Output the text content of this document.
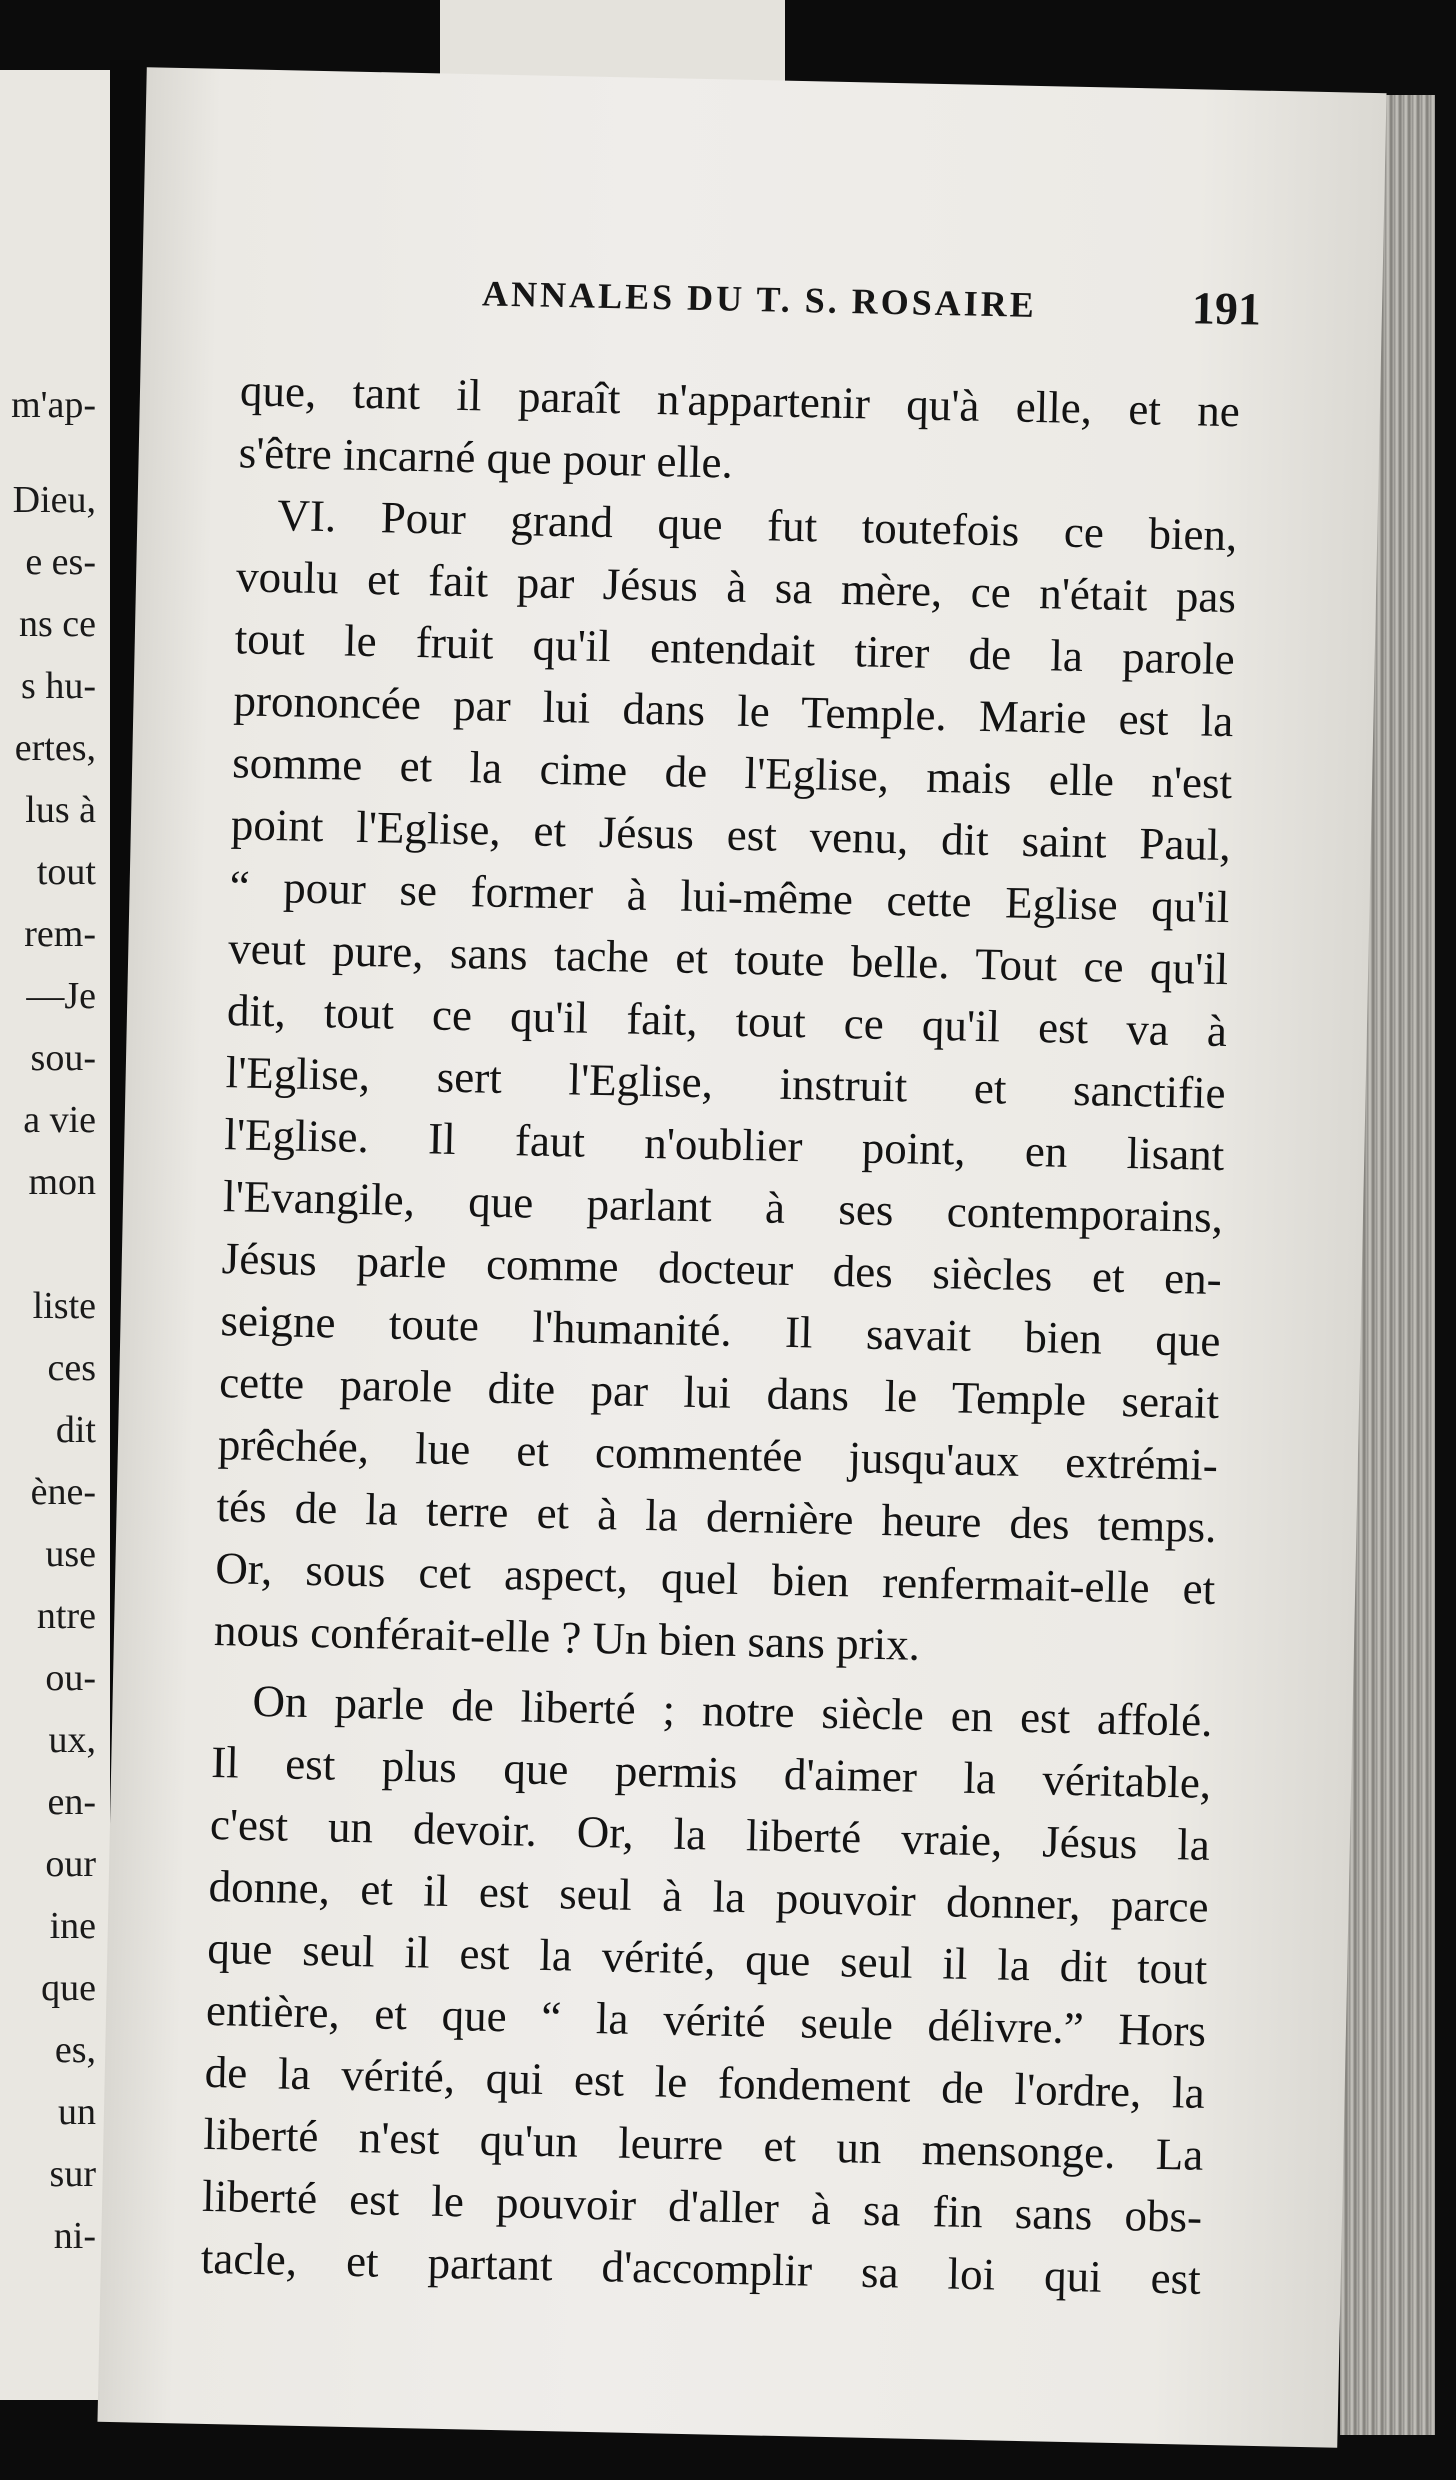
m'ap-
Dieu,
e es-
ns ce
s hu-
ertes,
lus à
tout
rem-
—Je
sou-
a vie
mon
liste
ces
dit
ène-
use
ntre
ou-
ux,
en-
our
ine
que
es,
un
sur
ni-
ANNALES DU T. S. ROSAIRE	191
que, tant il paraît n'appartenir qu'à elle, et ne
s'être incarné que pour elle.
VI. Pour grand que fut toutefois ce bien,
voulu et fait par Jésus à sa mère, ce n'était pas
tout le fruit qu'il entendait tirer de la parole
prononcée par lui dans le Temple. Marie est la
somme et la cime de l'Eglise, mais elle n'est
point l'Eglise, et Jésus est venu, dit saint Paul,
“ pour se former à lui-même cette Eglise qu'il
veut pure, sans tache et toute belle. Tout ce qu'il
dit, tout ce qu'il fait, tout ce qu'il est va à
l'Eglise, sert l'Eglise, instruit et sanctifie
l'Eglise. Il faut n'oublier point, en lisant
l'Evangile, que parlant à ses contemporains,
Jésus parle comme docteur des siècles et en-
seigne toute l'humanité. Il savait bien que
cette parole dite par lui dans le Temple serait
prêchée, lue et commentée jusqu'aux extrémi-
tés de la terre et à la dernière heure des temps.
Or, sous cet aspect, quel bien renfermait-elle et
nous conférait-elle ? Un bien sans prix.
On parle de liberté ; notre siècle en est affolé.
Il est plus que permis d'aimer la véritable,
c'est un devoir. Or, la liberté vraie, Jésus la
donne, et il est seul à la pouvoir donner, parce
que seul il est la vérité, que seul il la dit tout
entière, et que “ la vérité seule délivre.” Hors
de la vérité, qui est le fondement de l'ordre, la
liberté n'est qu'un leurre et un mensonge. La
liberté est le pouvoir d'aller à sa fin sans obs-
tacle, et partant d'accomplir sa loi qui est
